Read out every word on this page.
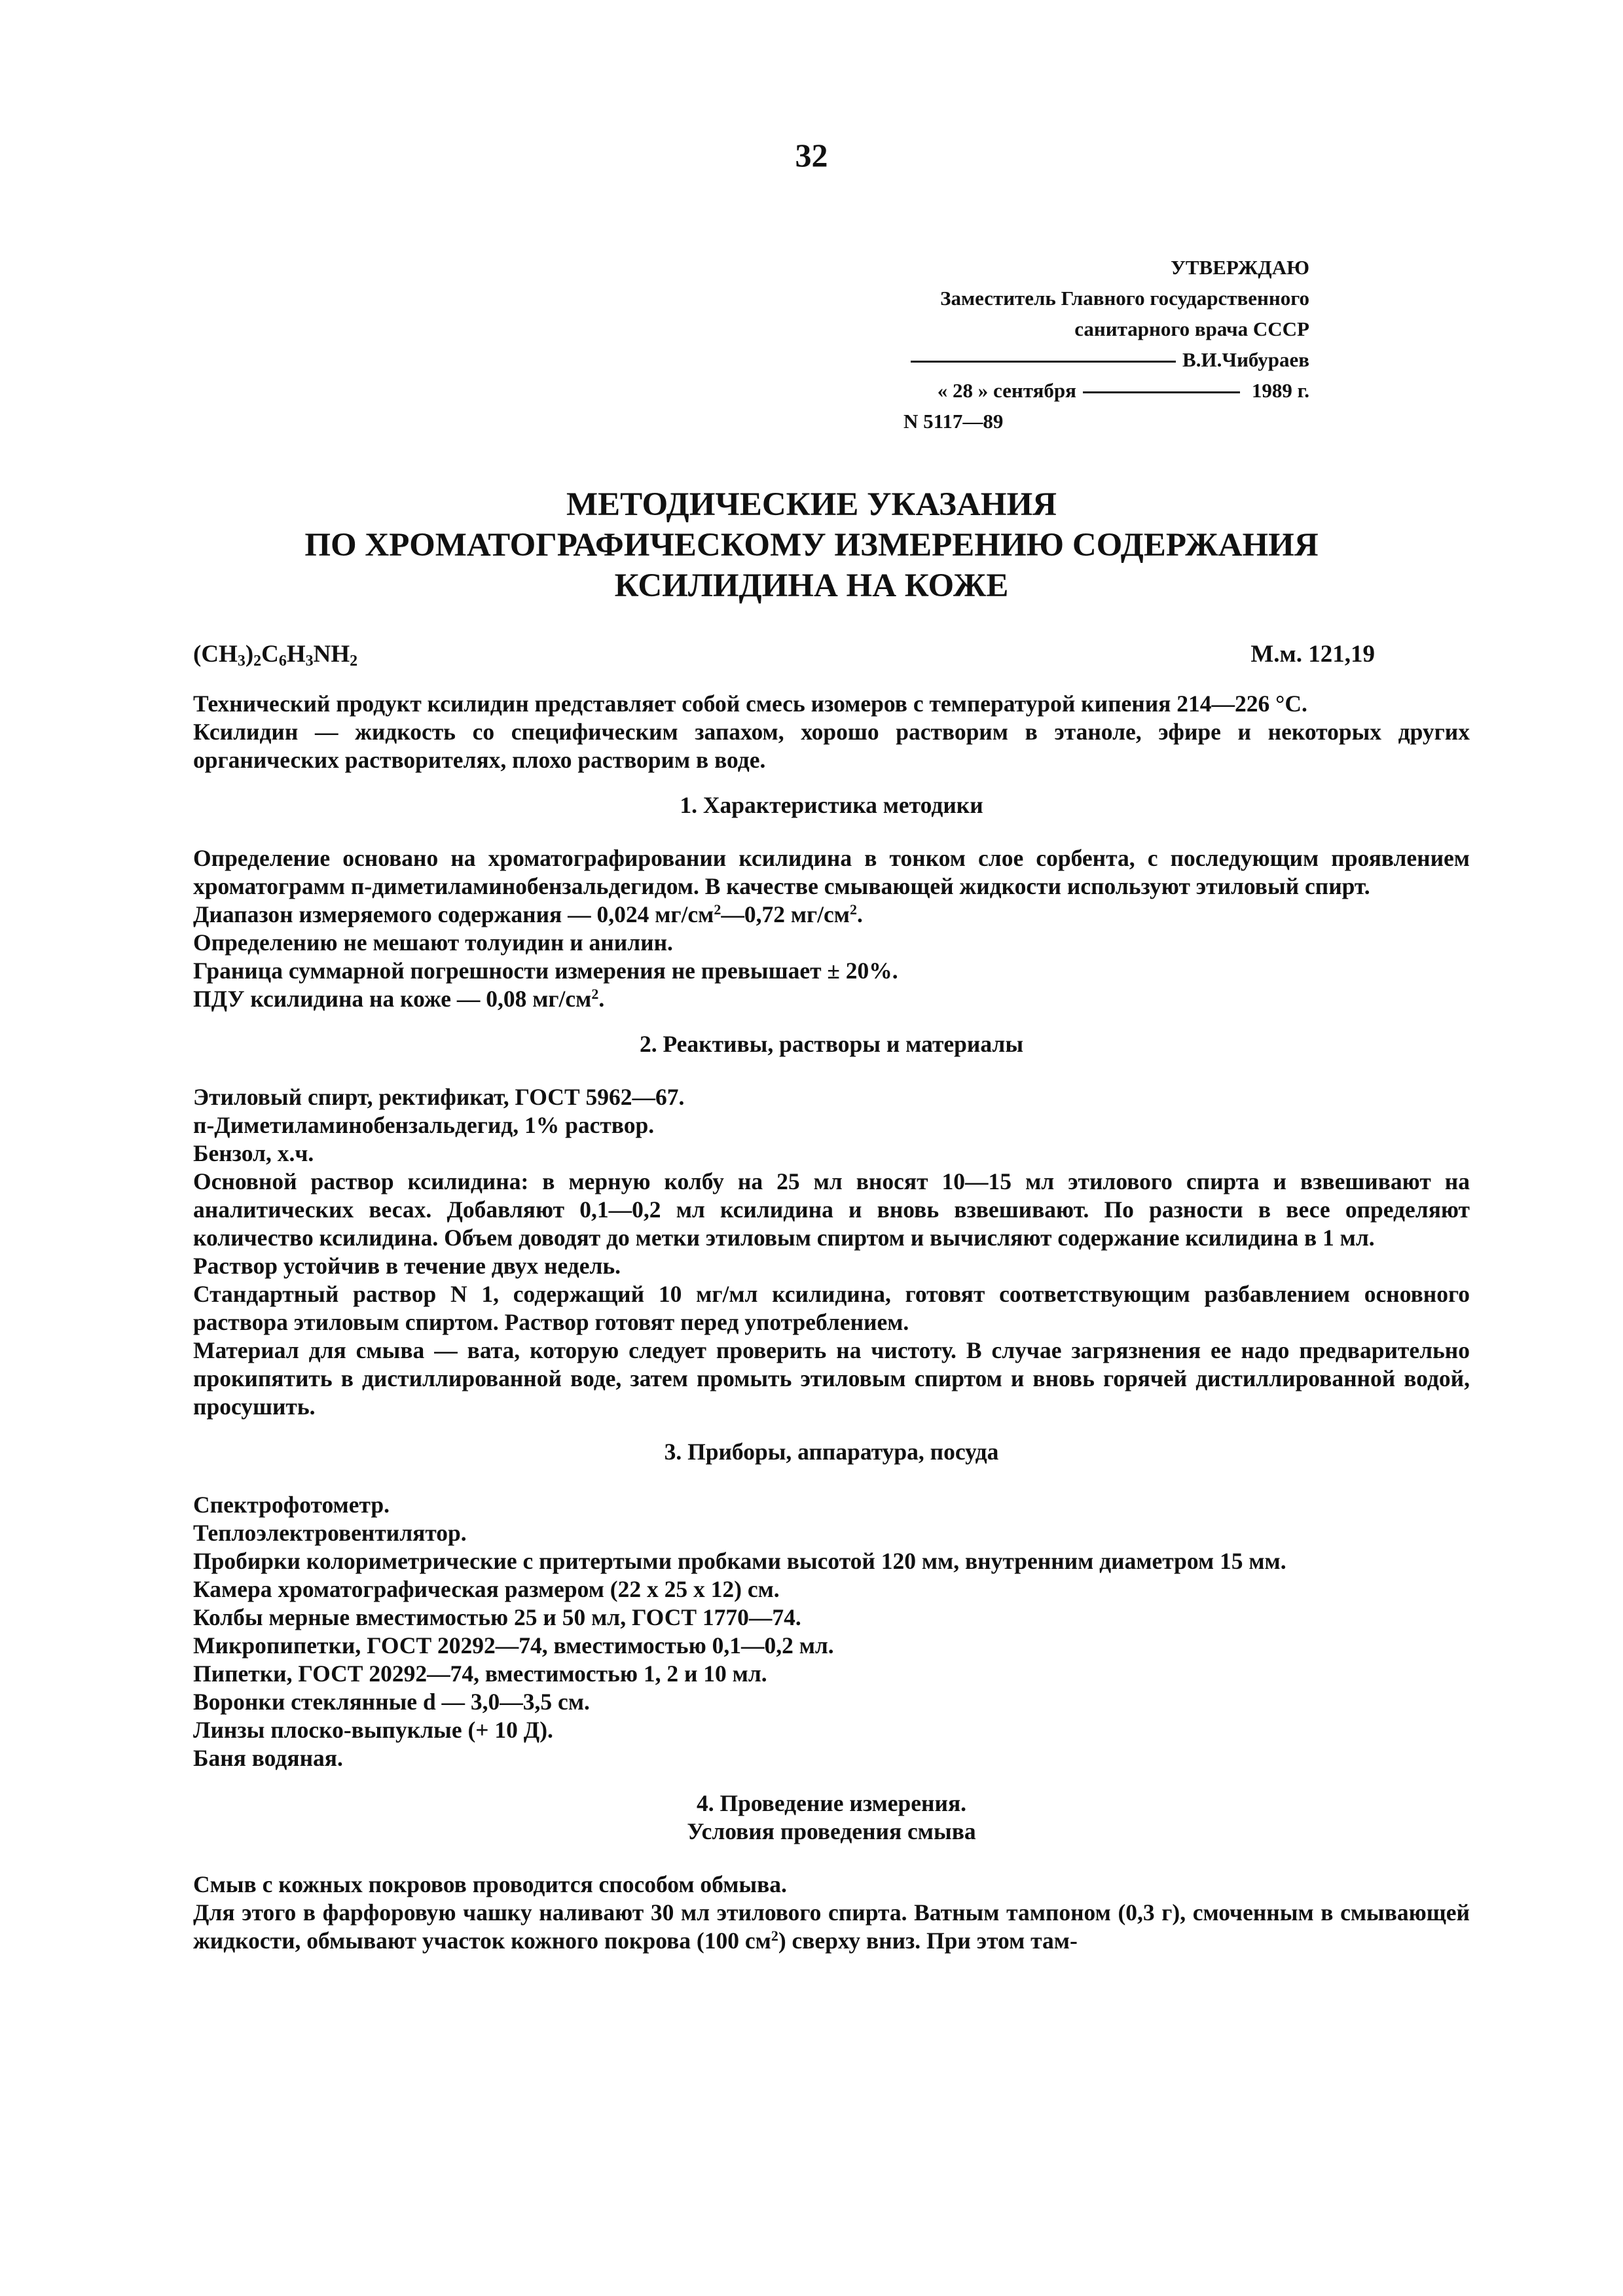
32
УТВЕРЖДАЮ
Заместитель Главного государственного
санитарного врача СССР
В.И.Чибураев
« 28 » сентября	1989 г.
N 5117—89
МЕТОДИЧЕСКИЕ УКАЗАНИЯ
ПО ХРОМАТОГРАФИЧЕСКОМУ ИЗМЕРЕНИЮ СОДЕРЖАНИЯ
КСИЛИДИНА НА КОЖЕ
$(CH_3)_2C_6H_3NH_2$	М.м. 121,19

Технический продукт ксилидин представляет собой смесь изомеров с температурой кипения 214—226 °С.

Ксилидин — жидкость со специфическим запахом, хорошо растворим в этаноле, эфире и некоторых других органических растворителях, плохо растворим в воде.

1. Характеристика методики

Определение основано на хроматографировании ксилидина в тонком слое сорбента, с последующим проявлением хроматограмм п-диметиламинобензальдегидом. В качестве смывающей жидкости используют этиловый спирт.

Диапазон измеряемого содержания — 0,024 $мг/см^2—0,72$ $мг/см^2$.

Определению не мешают толуидин и анилин.

Граница суммарной погрешности измерения не превышает ± 20%.

ПДУ ксилидина на коже — 0,08 $мг/см^2$.

2. Реактивы, растворы и материалы

Этиловый спирт, ректификат, ГОСТ 5962—67.

п-Диметиламинобензальдегид, 1% раствор.

Бензол, х.ч.

Основной раствор ксилидина: в мерную колбу на 25 мл вносят 10—15 мл этилового спирта и взвешивают на аналитических весах. Добавляют 0,1—0,2 мл ксилидина и вновь взвешивают. По разности в весе определяют количество ксилидина. Объем доводят до метки этиловым спиртом и вычисляют содержание ксилидина в 1 мл.

Раствор устойчив в течение двух недель.

Стандартный раствор N 1, содержащий 10 мг/мл ксилидина, готовят соответствующим разбавлением основного раствора этиловым спиртом. Раствор готовят перед употреблением.

Материал для смыва — вата, которую следует проверить на чистоту. В случае загрязнения ее надо предварительно прокипятить в дистиллированной воде, затем промыть этиловым спиртом и вновь горячей дистиллированной водой, просушить.

3. Приборы, аппаратура, посуда

Спектрофотометр.

Теплоэлектровентилятор.

Пробирки колориметрические с притертыми пробками высотой 120 мм, внутренним диаметром 15 мм.

Камера хроматографическая размером (22 х 25 х 12) см.

Колбы мерные вместимостью 25 и 50 мл, ГОСТ 1770—74.

Микропипетки, ГОСТ 20292—74, вместимостью 0,1—0,2 мл.

Пипетки, ГОСТ 20292—74, вместимостью 1, 2 и 10 мл.

Воронки стеклянные d — 3,0—3,5 см.

Линзы плоско-выпуклые (+ 10 Д).

Баня водяная.

4. Проведение измерения.
Условия проведения смыва

Смыв с кожных покровов проводится способом обмыва.

Для этого в фарфоровую чашку наливают 30 мл этилового спирта. Ватным тампоном (0,3 г), смоченным в смывающей жидкости, обмывают участок кожного покрова (100 $см^2$) сверху вниз. При этом там-
